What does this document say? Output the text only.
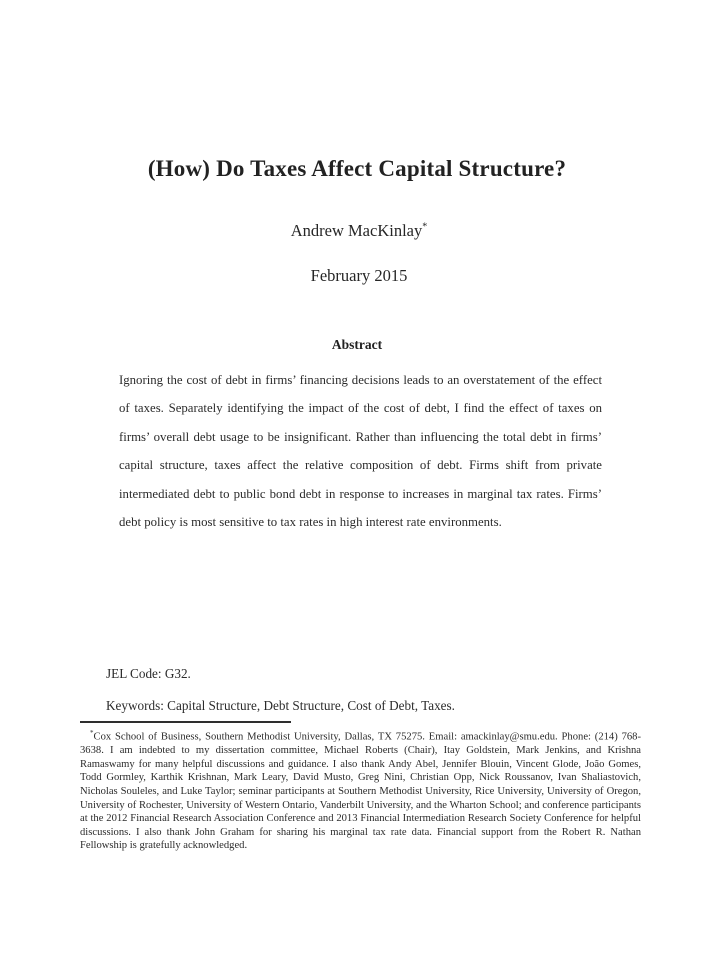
(How) Do Taxes Affect Capital Structure?
Andrew MacKinlay*
February 2015
Abstract

Ignoring the cost of debt in firms’ financing decisions leads to an overstatement of the effect of taxes. Separately identifying the impact of the cost of debt, I find the effect of taxes on firms’ overall debt usage to be insignificant. Rather than influencing the total debt in firms’ capital structure, taxes affect the relative composition of debt. Firms shift from private intermediated debt to public bond debt in response to increases in marginal tax rates. Firms’ debt policy is most sensitive to tax rates in high interest rate environments.

JEL Code: G32.
Keywords: Capital Structure, Debt Structure, Cost of Debt, Taxes.

*Cox School of Business, Southern Methodist University, Dallas, TX 75275. Email: amackinlay@smu.edu. Phone: (214) 768-3638. I am indebted to my dissertation committee, Michael Roberts (Chair), Itay Goldstein, Mark Jenkins, and Krishna Ramaswamy for many helpful discussions and guidance. I also thank Andy Abel, Jennifer Blouin, Vincent Glode, João Gomes, Todd Gormley, Karthik Krishnan, Mark Leary, David Musto, Greg Nini, Christian Opp, Nick Roussanov, Ivan Shaliastovich, Nicholas Souleles, and Luke Taylor; seminar participants at Southern Methodist University, Rice University, University of Oregon, University of Rochester, University of Western Ontario, Vanderbilt University, and the Wharton School; and conference participants at the 2012 Financial Research Association Conference and 2013 Financial Intermediation Research Society Conference for helpful discussions. I also thank John Graham for sharing his marginal tax rate data. Financial support from the Robert R. Nathan Fellowship is gratefully acknowledged.
